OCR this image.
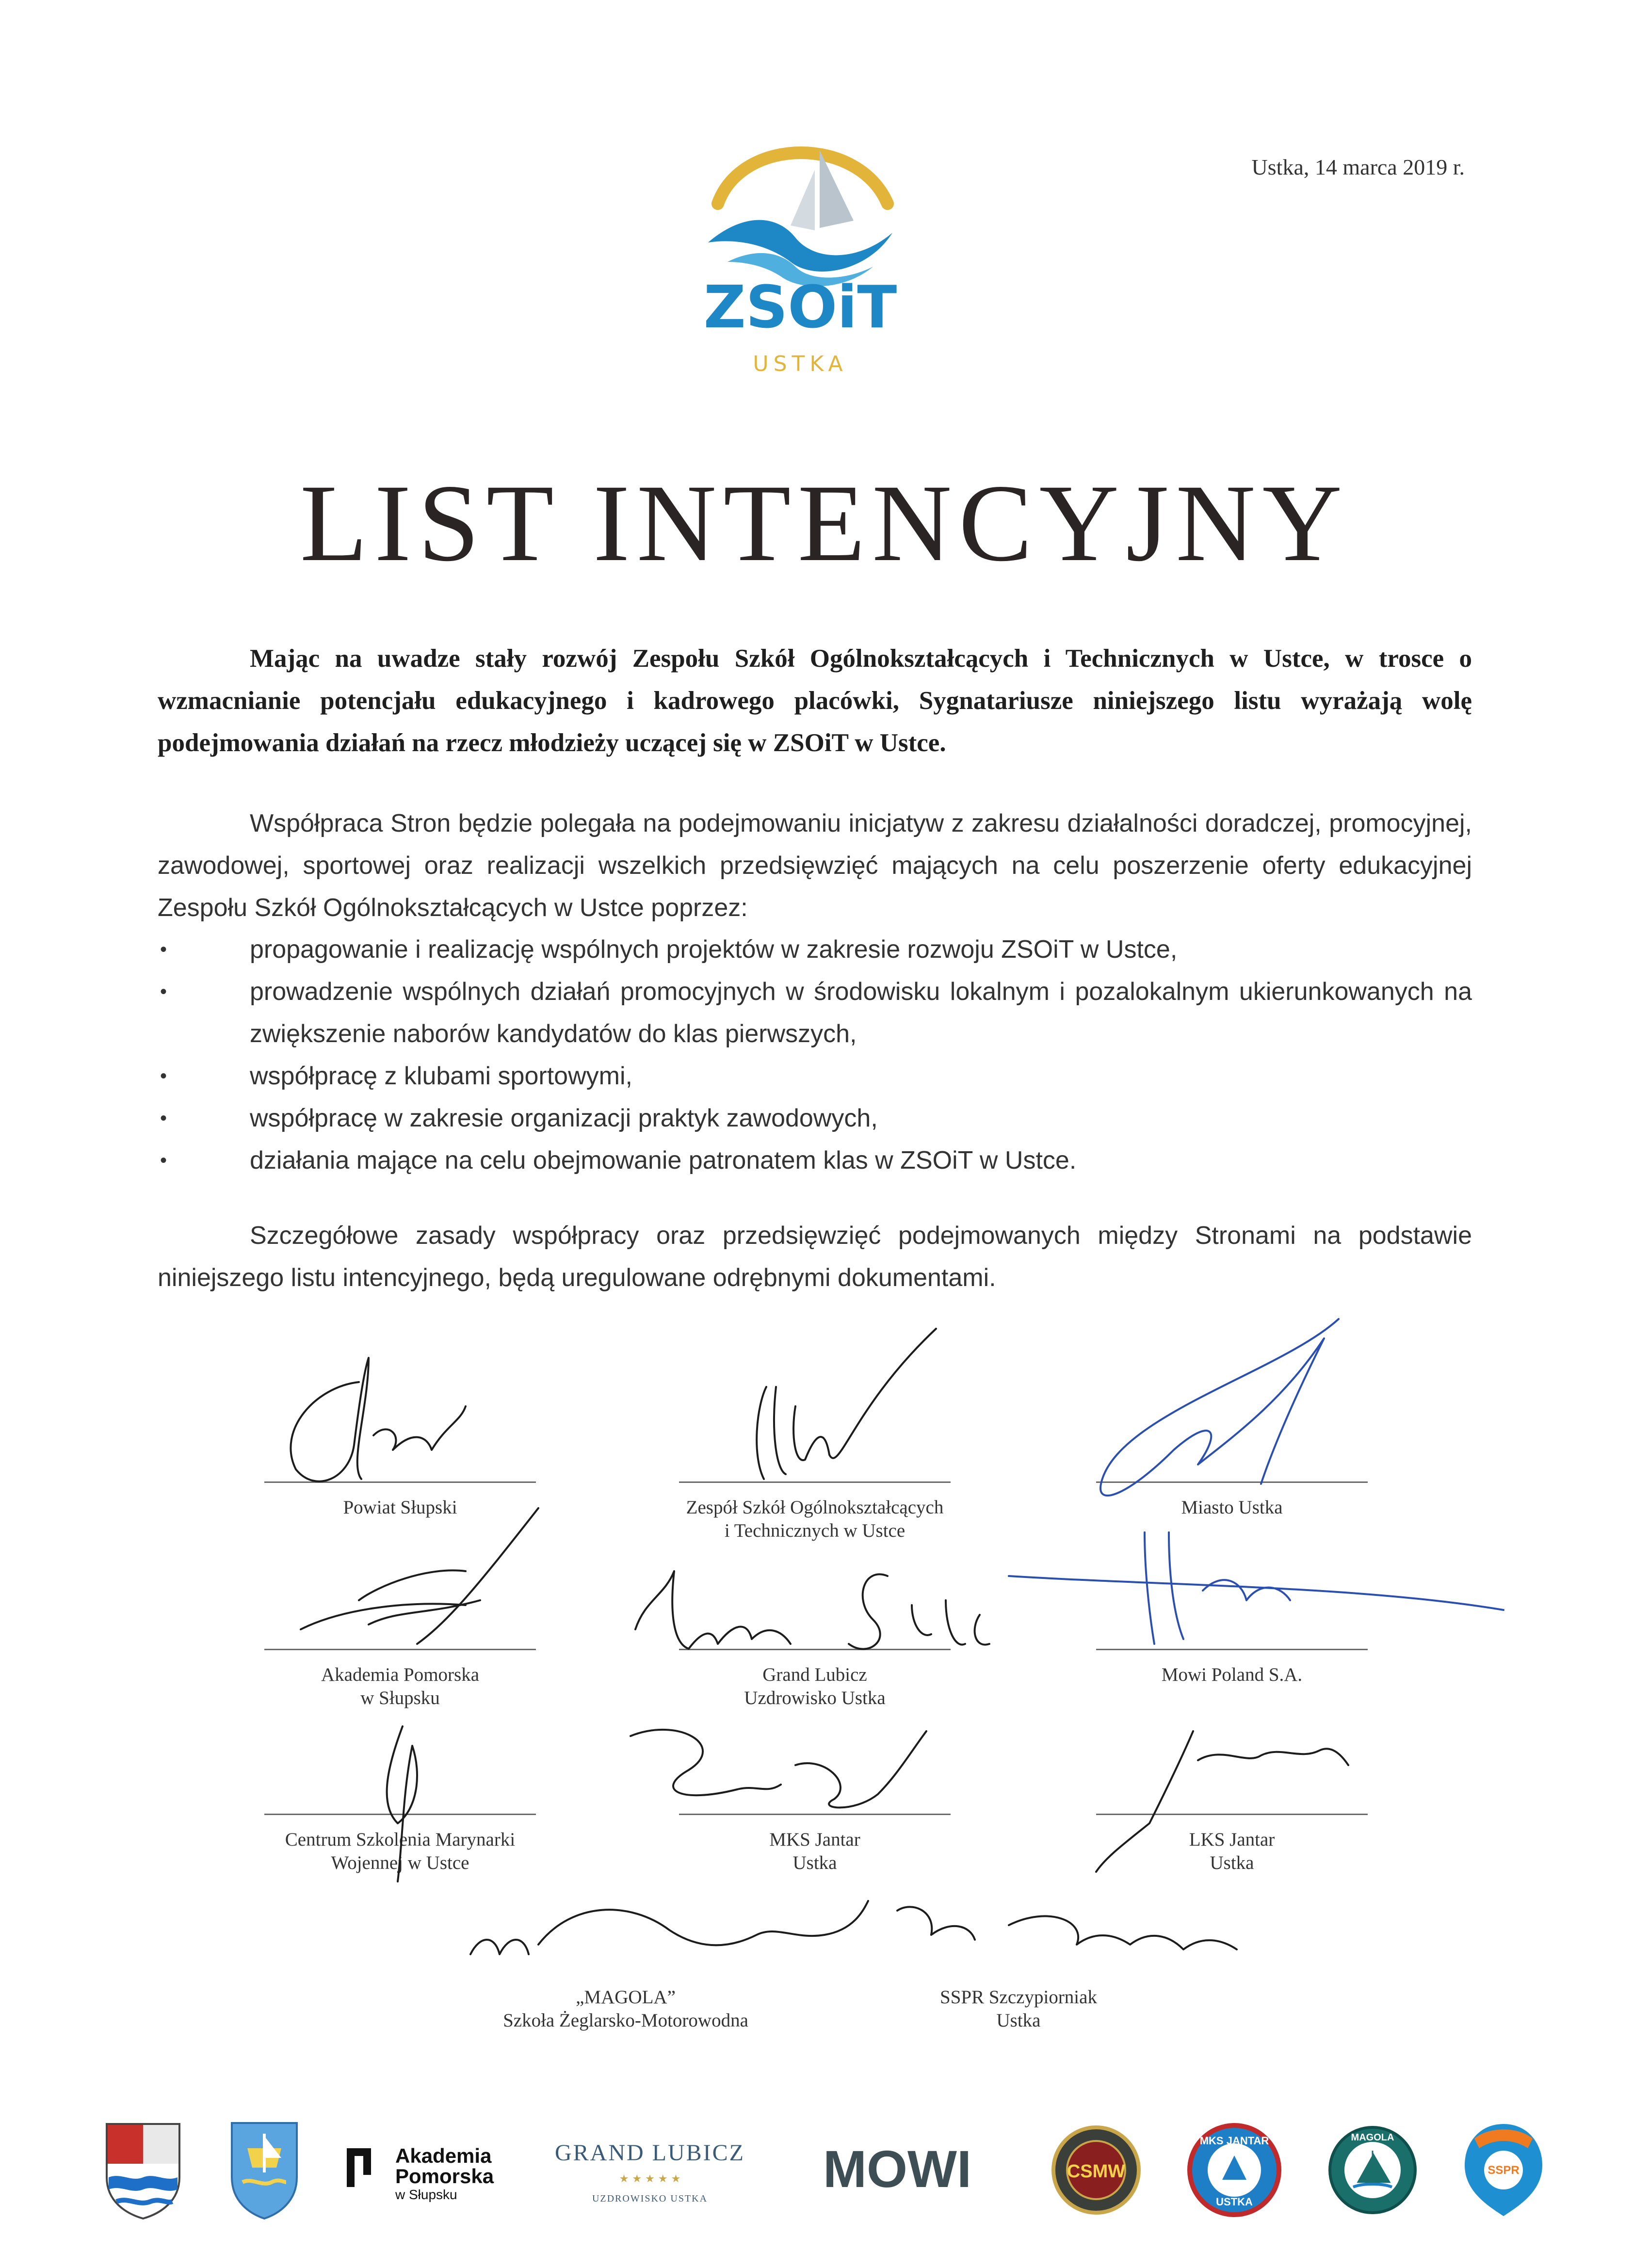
Ustka, 14 marca 2019 r.
ZSOiT
USTKA
LIST INTENCYJNY
Mając na uwadze stały rozwój Zespołu Szkół Ogólnokształcących i Technicznych w Ustce, w trosce o wzmacnianie potencjału edukacyjnego i kadrowego placówki, Sygnatariusze niniejszego listu wyrażają wolę podejmowania działań na rzecz młodzieży uczącej się w ZSOiT w Ustce.
Współpraca Stron będzie polegała na podejmowaniu inicjatyw z zakresu działalności doradczej, promocyjnej, zawodowej, sportowej oraz realizacji wszelkich przedsięwzięć mających na celu poszerzenie oferty edukacyjnej Zespołu Szkół Ogólnokształcących w Ustce poprzez:
•	propagowanie i realizację wspólnych projektów w zakresie rozwoju ZSOiT w Ustce,
•	prowadzenie wspólnych działań promocyjnych w środowisku lokalnym i pozalokalnym ukierunkowanych na zwiększenie naborów kandydatów do klas pierwszych,
•	współpracę z klubami sportowymi,
•	współpracę w zakresie organizacji praktyk zawodowych,
•	działania mające na celu obejmowanie patronatem klas w ZSOiT w Ustce.
Szczegółowe zasady współpracy oraz przedsięwzięć podejmowanych między Stronami na podstawie niniejszego listu intencyjnego, będą uregulowane odrębnymi dokumentami.
Powiat Słupski	Zespół Szkół Ogólnokształcących
i Technicznych w Ustce
Miasto Ustka
Akademia Pomorska
w Słupsku
Grand Lubicz
Uzdrowisko Ustka
Mowi Poland S.A.
Centrum Szkolenia Marynarki
Wojennej w Ustce
MKS Jantar
Ustka
LKS Jantar
Ustka
„MAGOLA”
Szkoła Żeglarsko-Motorowodna
SSPR Szczypiorniak
Ustka
Akademia
Pomorska
w Słupsku
GRAND LUBICZ
★ ★ ★ ★ ★
UZDROWISKO USTKA
MOWI	CSMW
MKS JANTAR
USTKA
MAGOLA
SSPR
